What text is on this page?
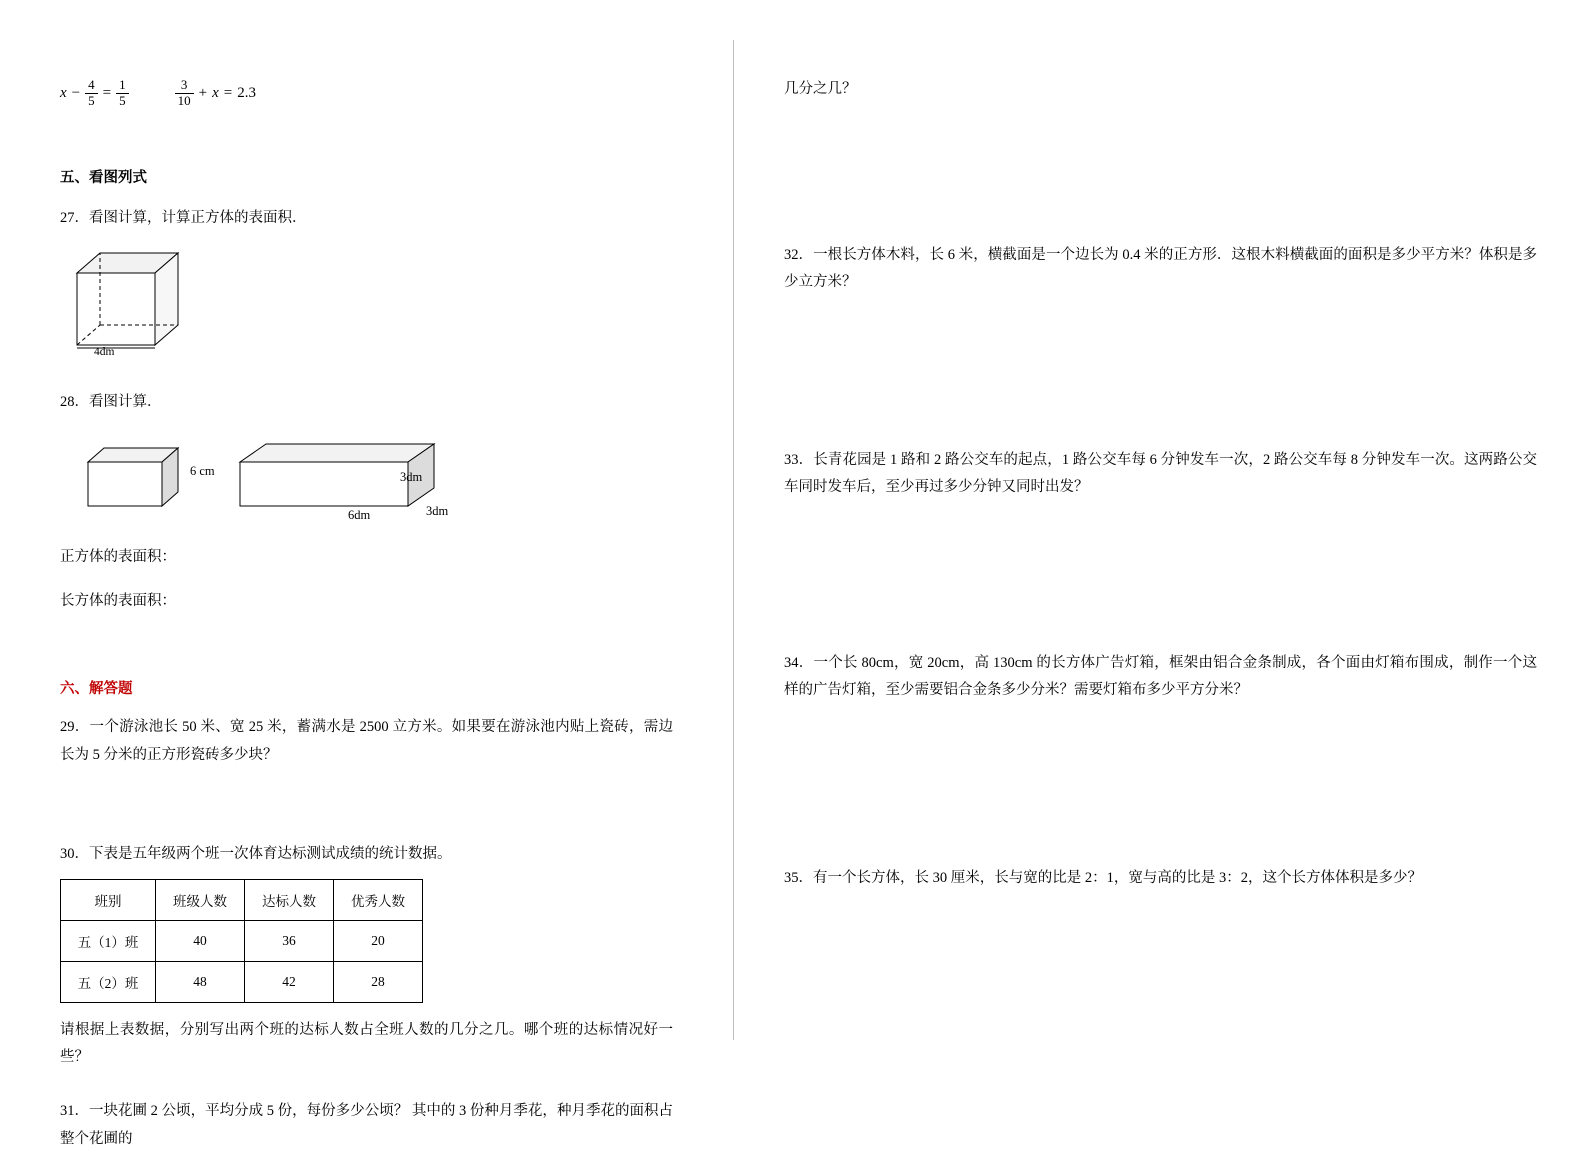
$x - \frac{4}{5} = \frac{1}{5}$	$\frac{3}{10} + x = 2.3$
五、看图列式
27．看图计算，计算正方体的表面积．
4dm
28．看图计算．
6 cm	3dm
6dm	3dm
正方体的表面积：
长方体的表面积：
六、解答题
29．一个游泳池长 50 米、宽 25 米，蓄满水是 2500 立方米。如果要在游泳池内贴上瓷砖，需边长为 5 分米的正方形瓷砖多少块？
30．下表是五年级两个班一次体育达标测试成绩的统计数据。
班别	班级人数	达标人数	优秀人数
五（1）班	40	36	20
五（2）班	48	42	28
请根据上表数据，分别写出两个班的达标人数占全班人数的几分之几。哪个班的达标情况好一些？
31．一块花圃 2 公顷，平均分成 5 份，每份多少公顷？ 其中的 3 份种月季花，种月季花的面积占整个花圃的
几分之几？
32．一根长方体木料，长 6 米，横截面是一个边长为 0.4 米的正方形．这根木料横截面的面积是多少平方米？体积是多少立方米？
33．长青花园是 1 路和 2 路公交车的起点，1 路公交车每 6 分钟发车一次，2 路公交车每 8 分钟发车一次。这两路公交车同时发车后，至少再过多少分钟又同时出发？
34．一个长 80cm，宽 20cm，高 130cm 的长方体广告灯箱，框架由铝合金条制成，各个面由灯箱布围成，制作一个这样的广告灯箱，至少需要铝合金条多少分米？需要灯箱布多少平方分米？
35．有一个长方体，长 30 厘米，长与宽的比是 2：1，宽与高的比是 3：2，这个长方体体积是多少？
